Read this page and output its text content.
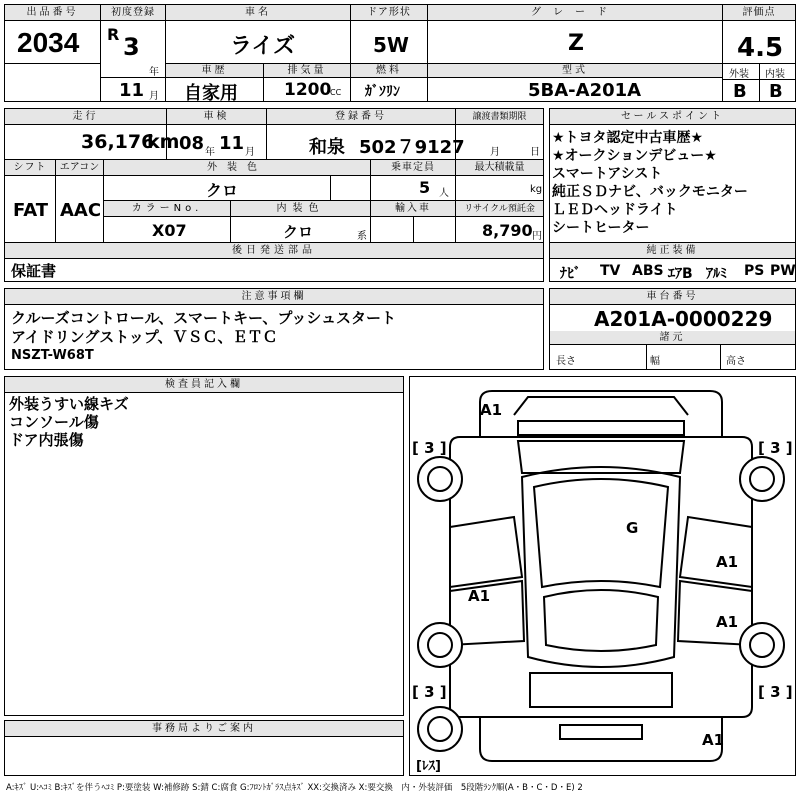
出品番号
2034
初度登録
R 3
年
11 月
車名
ライズ
ドア形状
5W
グレード
Z
評価点
4.5
外装 内装
B B
車歴
自家用
排気量
1200
CC
燃料
ｶﾞｿﾘﾝ
型式
5BA-A201A
走行
36,176
km
車検
08 年 11 月
登録番号
和泉 502７9127
譲渡書類期限
月	日
シフト
FAT
エアコン
AAC
外装色
クロ
乗車定員
5 人
最大積載量
kg
カラーNo.
X07
内装色
クロ	系
輸入車	リサイクル預託金
8,790 円
後日発送部品
保証書
セールスポイント
★トヨタ認定中古車歴★
★オークションデビュー★
スマートアシスト
純正ＳＤナビ、バックモニター
ＬＥＤヘッドライト
シートヒーター
純正装備
ﾅﾋﾞ TV ABS ｴｱB ｱﾙﾐ PS PW
注意事項欄
クルーズコントロール、スマートキー、プッシュスタート
アイドリングストップ、ＶＳＣ、ＥＴＣ
NSZT-W68T
車台番号
A201A-0000229
諸元
長さ	幅	高さ
検査員記入欄
外装うすい線キズ
コンソール傷
ドア内張傷
事務局よりご案内
A1
[ 3 ]	[ 3 ]
G
A1
A1
A1
[ 3 ]	[ 3 ]
A1
[ﾚｽ]
A:ｷｽﾞ U:ﾍｺﾐ B:ｷｽﾞを伴うﾍｺﾐ P:要塗装 W:補修跡 S:錆 C:腐食 G:ﾌﾛﾝﾄｶﾞﾗｽ点ｷｽﾞ XX:交換済み X:要交換　内・外装評価　5段階ﾗﾝｸ順(A・B・C・D・E) 2
